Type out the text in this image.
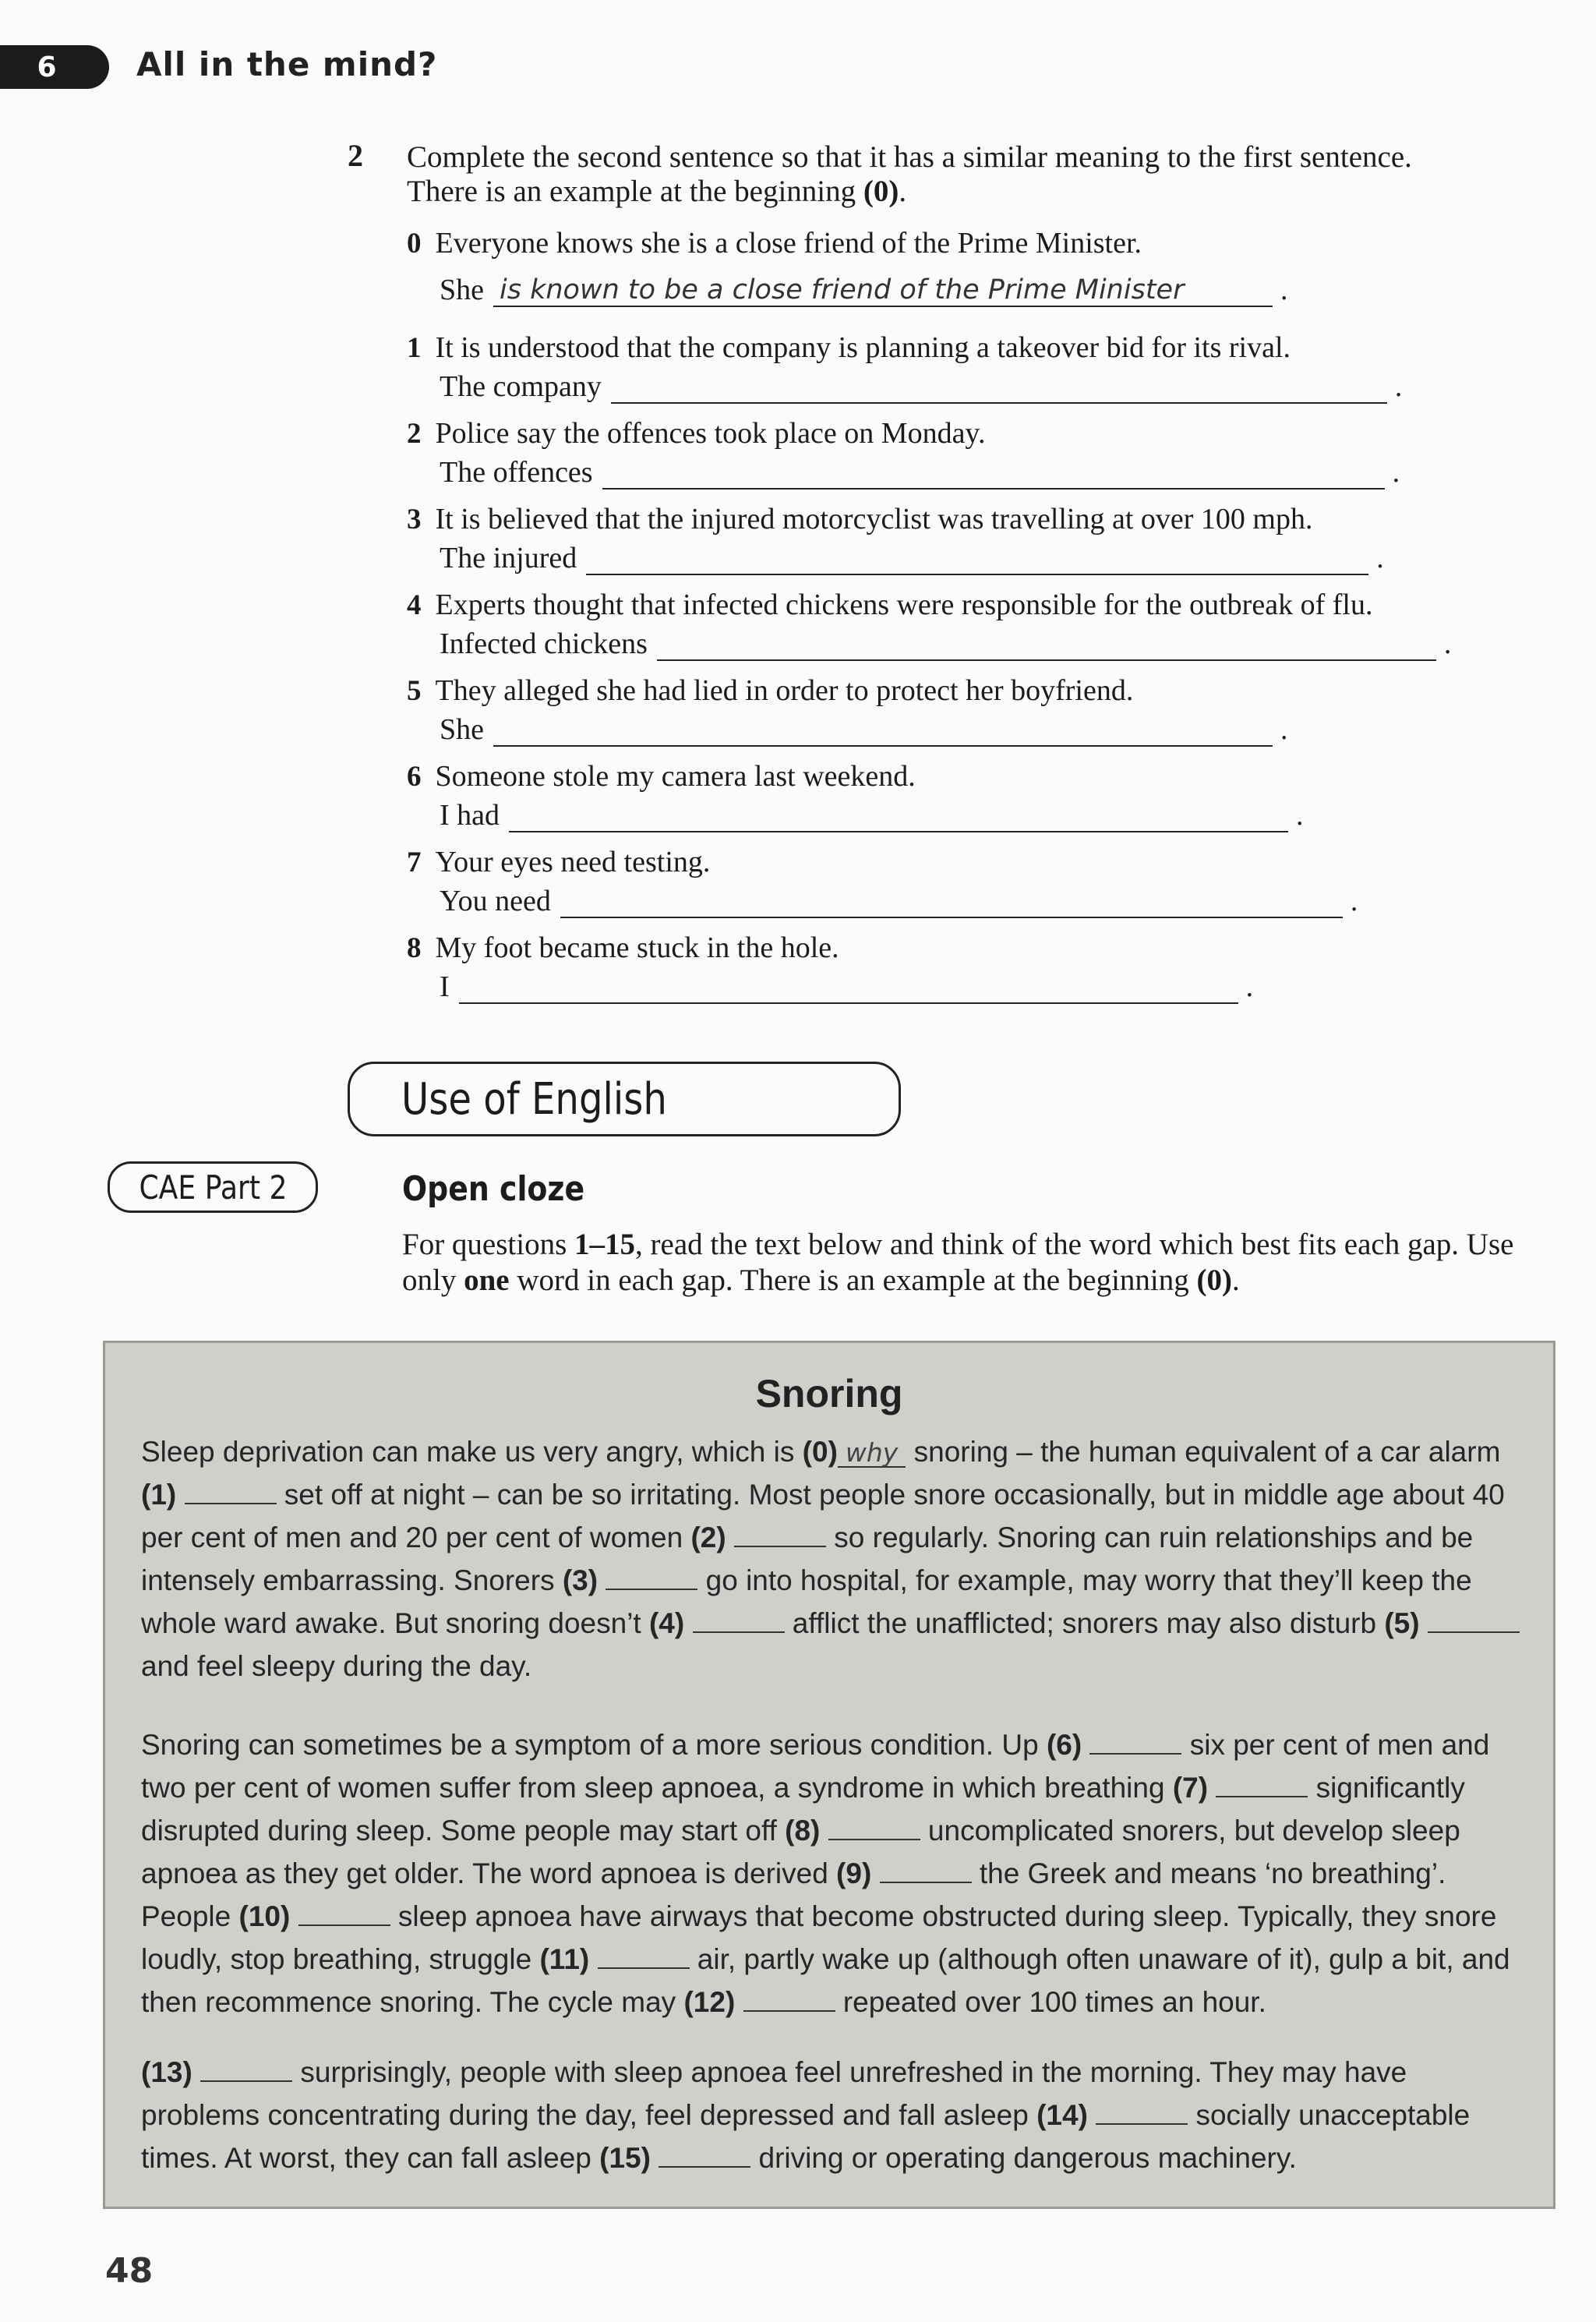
6 All in the mind?
2 Complete the second sentence so that it has a similar meaning to the first sentence.
There is an example at the beginning (0).
0 Everyone knows she is a close friend of the Prime Minister.
She is known to be a close friend of the Prime Minister	.
1 It is understood that the company is planning a takeover bid for its rival.
The company	.
2 Police say the offences took place on Monday.
The offences	.
3 It is believed that the injured motorcyclist was travelling at over 100 mph.
The injured	.
4 Experts thought that infected chickens were responsible for the outbreak of flu.
Infected chickens	.
5 They alleged she had lied in order to protect her boyfriend.
She	.
6 Someone stole my camera last weekend.
I had	.
7 Your eyes need testing.
You need	.
8 My foot became stuck in the hole.
I	.
Use of English
CAE Part 2	Open cloze
For questions 1–15, read the text below and think of the word which best fits each gap. Use only one word in each gap. There is an example at the beginning (0).
Snoring
Sleep deprivation can make us very angry, which is (0) why snoring – the human equivalent of a car alarm (1)	set off at night – can be so irritating. Most people snore occasionally, but in middle age about 40 per cent of men and 20 per cent of women (2)	so regularly. Snoring can ruin relationships and be intensely embarrassing. Snorers (3)	go into hospital, for example, may worry that they’ll keep the whole ward awake. But snoring doesn’t (4)	afflict the unafflicted; snorers may also disturb (5)  and feel sleepy during the day.
Snoring can sometimes be a symptom of a more serious condition. Up (6)	six per cent of men and two per cent of women suffer from sleep apnoea, a syndrome in which breathing (7)	significantly disrupted during sleep. Some people may start off (8)	uncomplicated snorers, but develop sleep apnoea as they get older. The word apnoea is derived (9)	the Greek and means ‘no breathing’. People (10)	sleep apnoea have airways that become obstructed during sleep. Typically, they snore loudly, stop breathing, struggle (11)	air, partly wake up (although often unaware of it), gulp a bit, and then recommence snoring. The cycle may (12)	repeated over 100 times an hour.
(13)	surprisingly, people with sleep apnoea feel unrefreshed in the morning. They may have problems concentrating during the day, feel depressed and fall asleep (14)	socially unacceptable times. At worst, they can fall asleep (15)	driving or operating dangerous machinery.
48
